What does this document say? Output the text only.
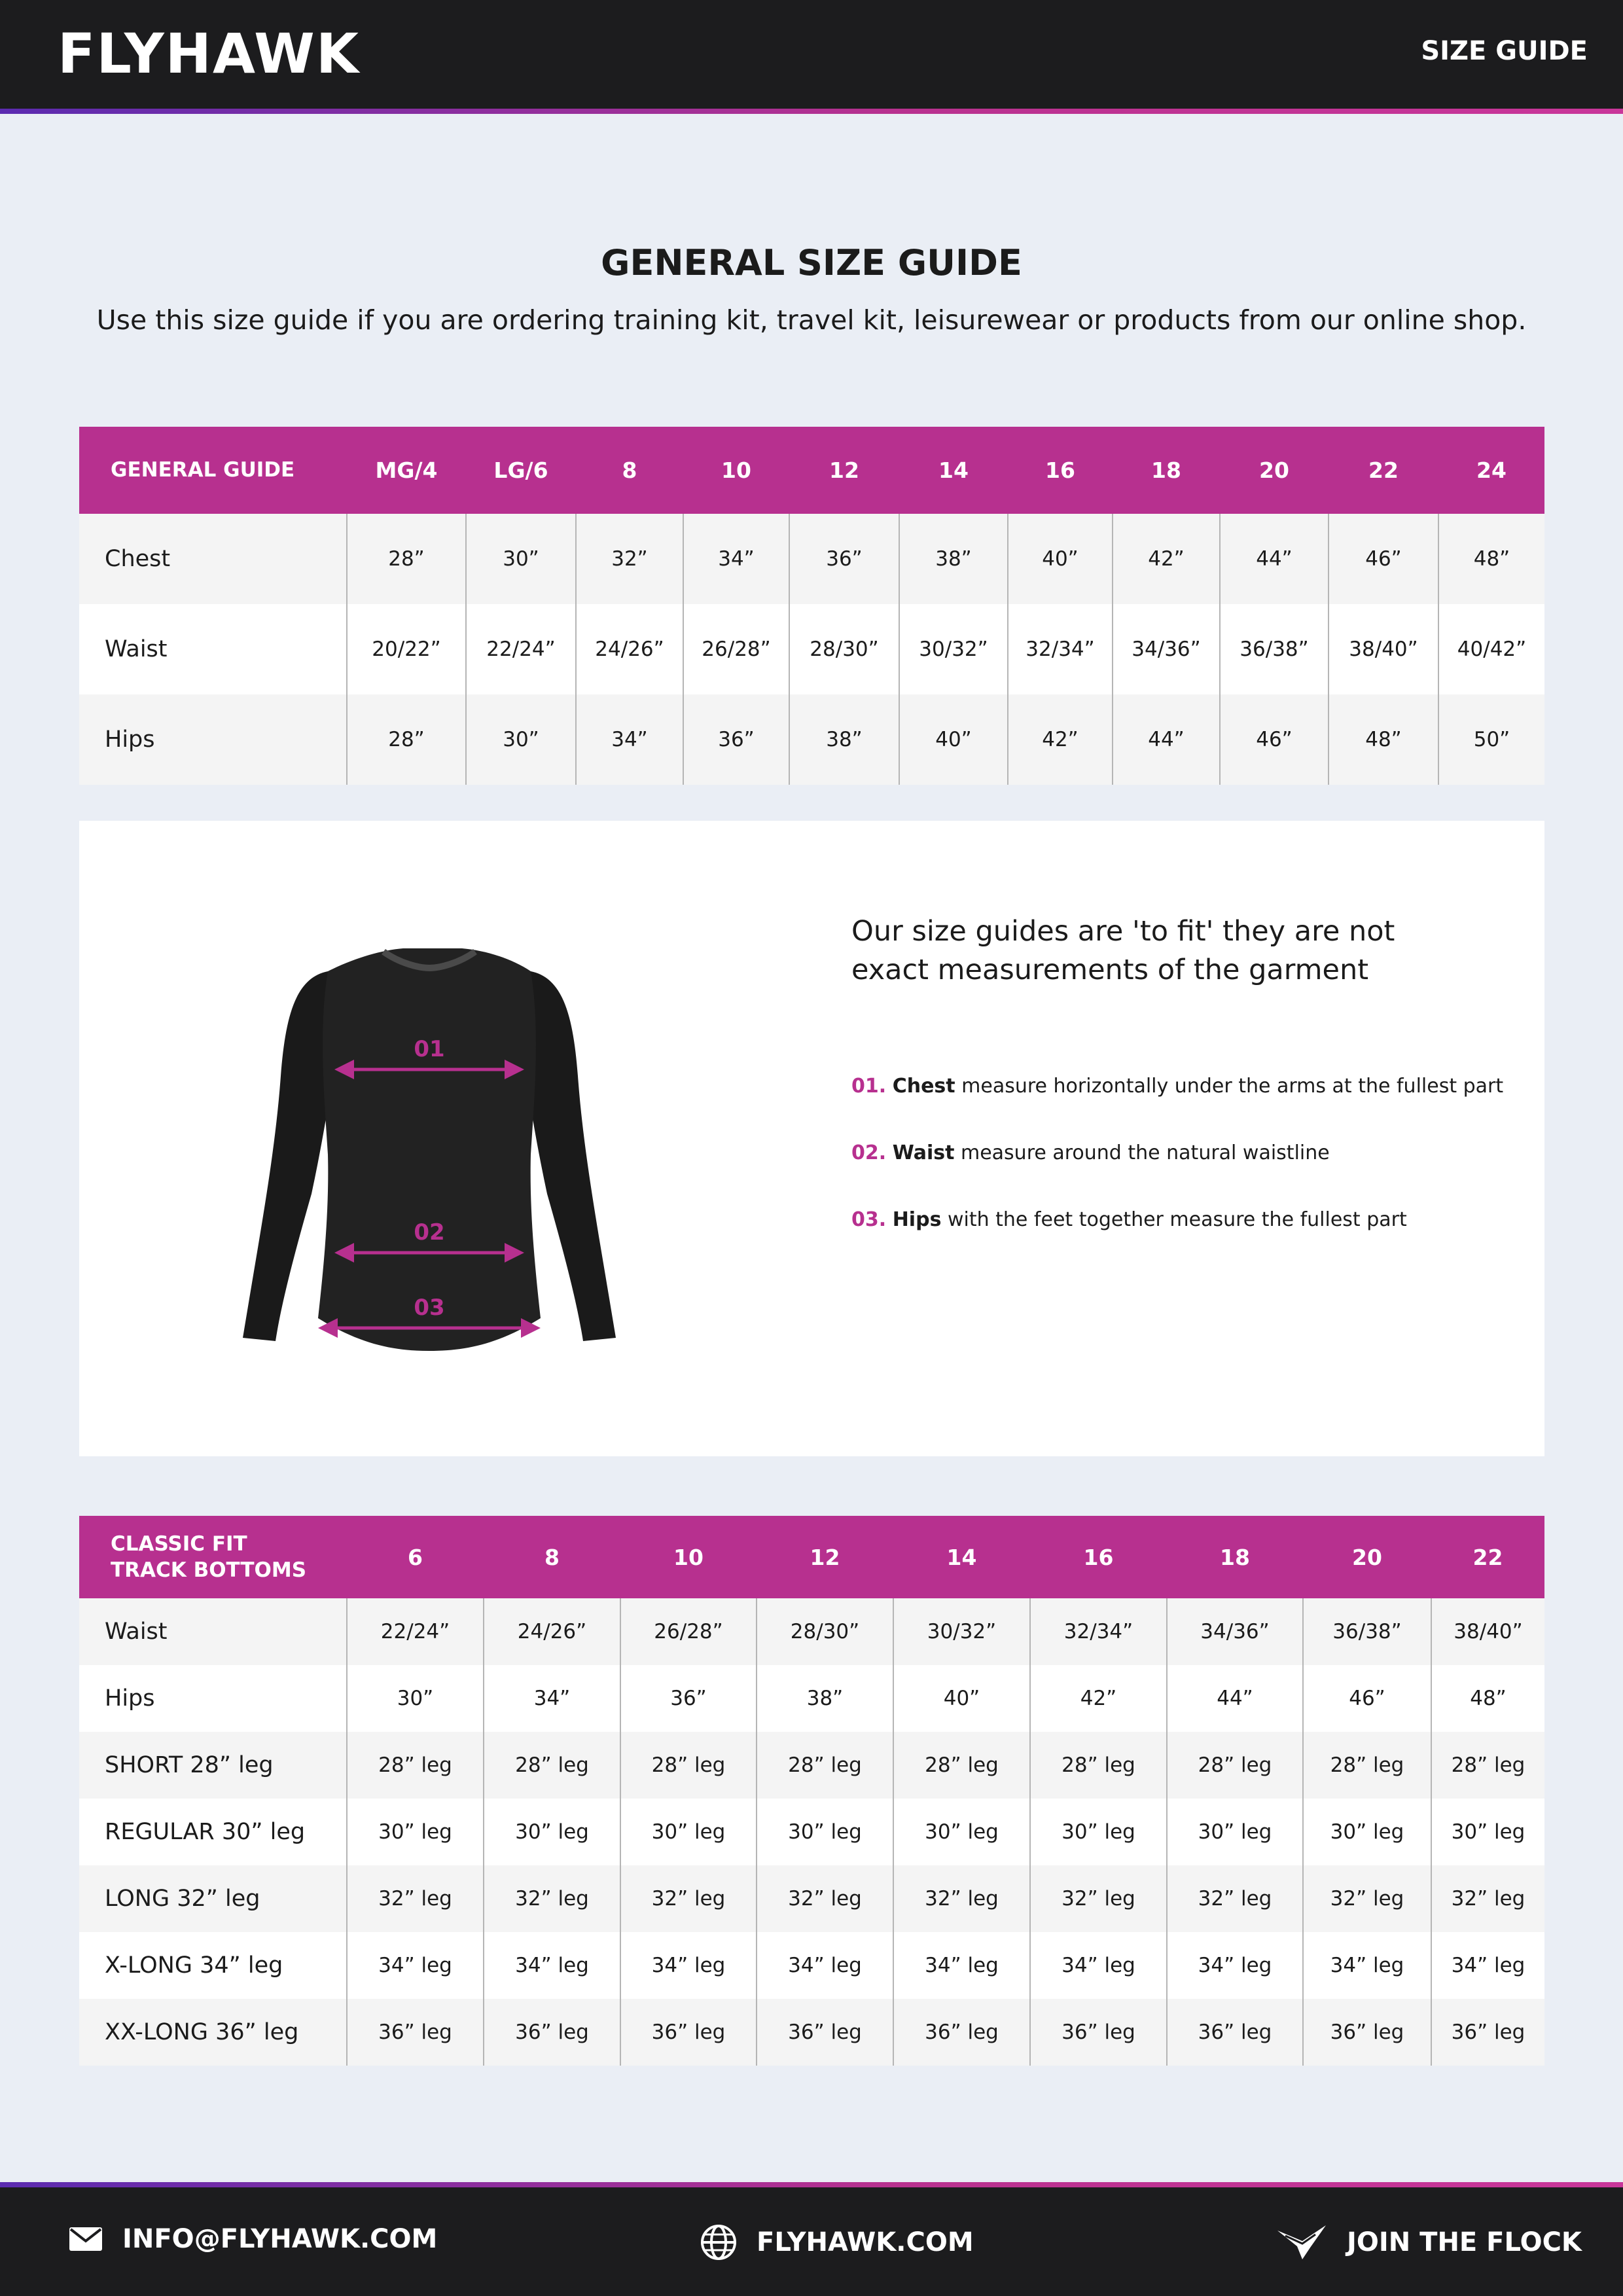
FLYHAWK	SIZE GUIDE
GENERAL SIZE GUIDE
Use this size guide if you are ordering training kit, travel kit, leisurewear or products from our online shop.
GENERAL GUIDE	MG/4	LG/6	8	10	12	14	16	18	20	22	24
Chest	28”	30”	32”	34”	36”	38”	40”	42”	44”	46”	48”
Waist	20/22”	22/24”	24/26”	26/28”	28/30”	30/32”	32/34”	34/36”	36/38”	38/40”	40/42”
Hips	28”	30”	34”	36”	38”	40”	42”	44”	46”	48”	50”
01
02
03
Our size guides are 'to fit' they are not exact measurements of the garment
01. Chest measure horizontally under the arms at the fullest part
02. Waist measure around the natural waistline
03. Hips with the feet together measure the fullest part
CLASSIC FIT
TRACK BOTTOMS	6	8	10	12	14	16	18	20	22
Waist	22/24”	24/26”	26/28”	28/30”	30/32”	32/34”	34/36”	36/38”	38/40”
Hips	30”	34”	36”	38”	40”	42”	44”	46”	48”
SHORT 28” leg	28” leg	28” leg	28” leg	28” leg	28” leg	28” leg	28” leg	28” leg	28” leg
REGULAR 30” leg	30” leg	30” leg	30” leg	30” leg	30” leg	30” leg	30” leg	30” leg	30” leg
LONG 32” leg	32” leg	32” leg	32” leg	32” leg	32” leg	32” leg	32” leg	32” leg	32” leg
X-LONG 34” leg	34” leg	34” leg	34” leg	34” leg	34” leg	34” leg	34” leg	34” leg	34” leg
XX-LONG 36” leg	36” leg	36” leg	36” leg	36” leg	36” leg	36” leg	36” leg	36” leg	36” leg
INFO@FLYHAWK.COM	FLYHAWK.COM	JOIN THE FLOCK
